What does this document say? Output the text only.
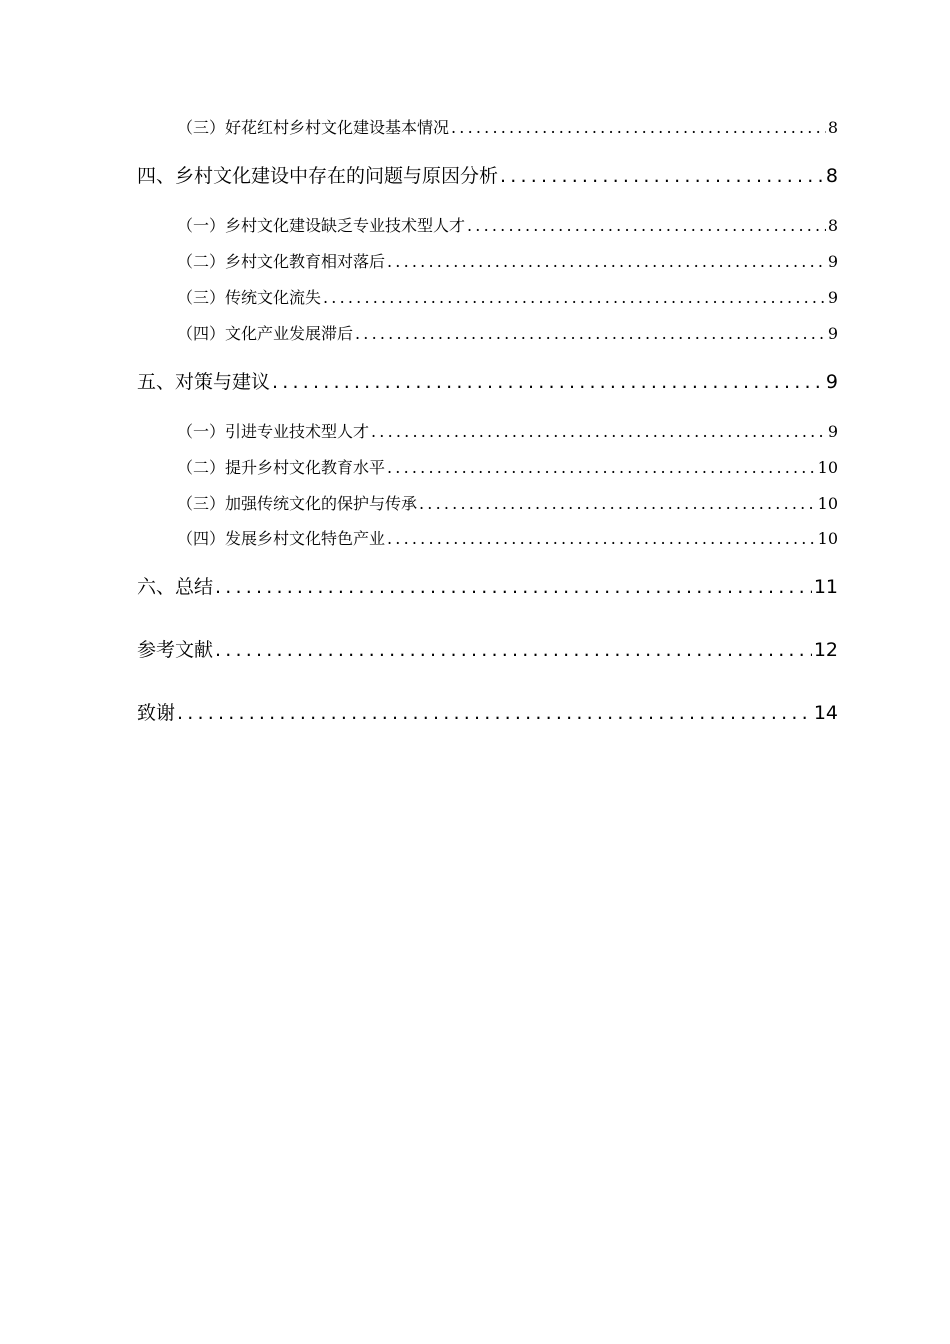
（三）好花红村乡村文化建设基本情况 .....	8
四、乡村文化建设中存在的问题与原因分析 .....	8
（一）乡村文化建设缺乏专业技术型人才 .....	8
（二）乡村文化教育相对落后 .....	9
（三）传统文化流失 .....	9
（四）文化产业发展滞后 .....	9
五、对策与建议 .....	9
（一）引进专业技术型人才 .....	9
（二）提升乡村文化教育水平 .....	10
（三）加强传统文化的保护与传承 .....	10
（四）发展乡村文化特色产业 .....	10
六、总结 .....	11
参考文献 .....	12
致谢 .....	14
